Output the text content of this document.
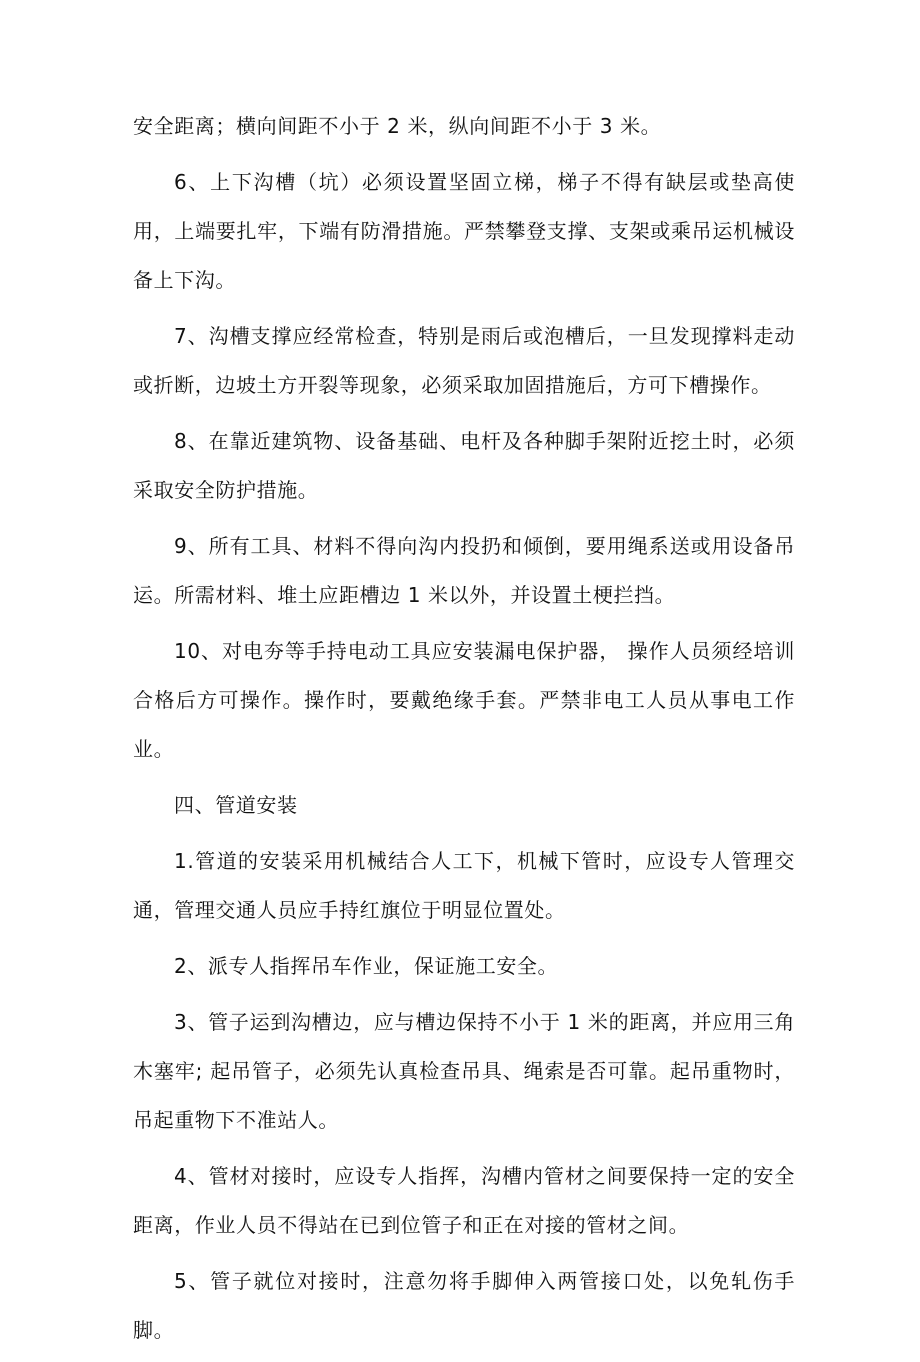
安全距离；横向间距不小于 2 米，纵向间距不小于 3 米。

6、上下沟槽（坑）必须设置坚固立梯，梯子不得有缺层或垫高使用，上端要扎牢，下端有防滑措施。严禁攀登支撑、支架或乘吊运机械设备上下沟。

7、沟槽支撑应经常检查，特别是雨后或泡槽后，一旦发现撑料走动或折断，边坡土方开裂等现象，必须采取加固措施后，方可下槽操作。

8、在靠近建筑物、设备基础、电杆及各种脚手架附近挖土时，必须采取安全防护措施。

9、所有工具、材料不得向沟内投扔和倾倒，要用绳系送或用设备吊运。所需材料、堆土应距槽边 1 米以外，并设置土梗拦挡。

10、对电夯等手持电动工具应安装漏电保护器， 操作人员须经培训合格后方可操作。操作时，要戴绝缘手套。严禁非电工人员从事电工作业。

四、管道安装

1.管道的安装采用机械结合人工下，机械下管时，应设专人管理交通，管理交通人员应手持红旗位于明显位置处。

2、派专人指挥吊车作业，保证施工安全。

3、管子运到沟槽边，应与槽边保持不小于 1 米的距离，并应用三角木塞牢; 起吊管子，必须先认真检查吊具、绳索是否可靠。起吊重物时，吊起重物下不准站人。

4、管材对接时，应设专人指挥，沟槽内管材之间要保持一定的安全距离，作业人员不得站在已到位管子和正在对接的管材之间。

5、管子就位对接时，注意勿将手脚伸入两管接口处，以免轧伤手脚。
